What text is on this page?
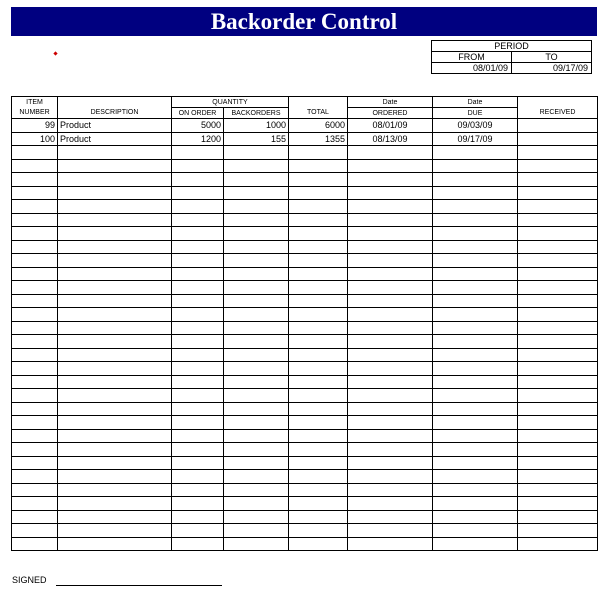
Backorder Control
PERIOD	
FROM	TO
08/01/09	09/17/09
ITEM		QUANTITY			Date	Date	
NUMBER	DESCRIPTION	ON ORDER	BACKORDERS	TOTAL	ORDERED	DUE	RECEIVED
99	Product	5000	1000	6000	08/01/09	09/03/09	
100	Product	1200	155	1355	08/13/09	09/17/09	

SIGNED
